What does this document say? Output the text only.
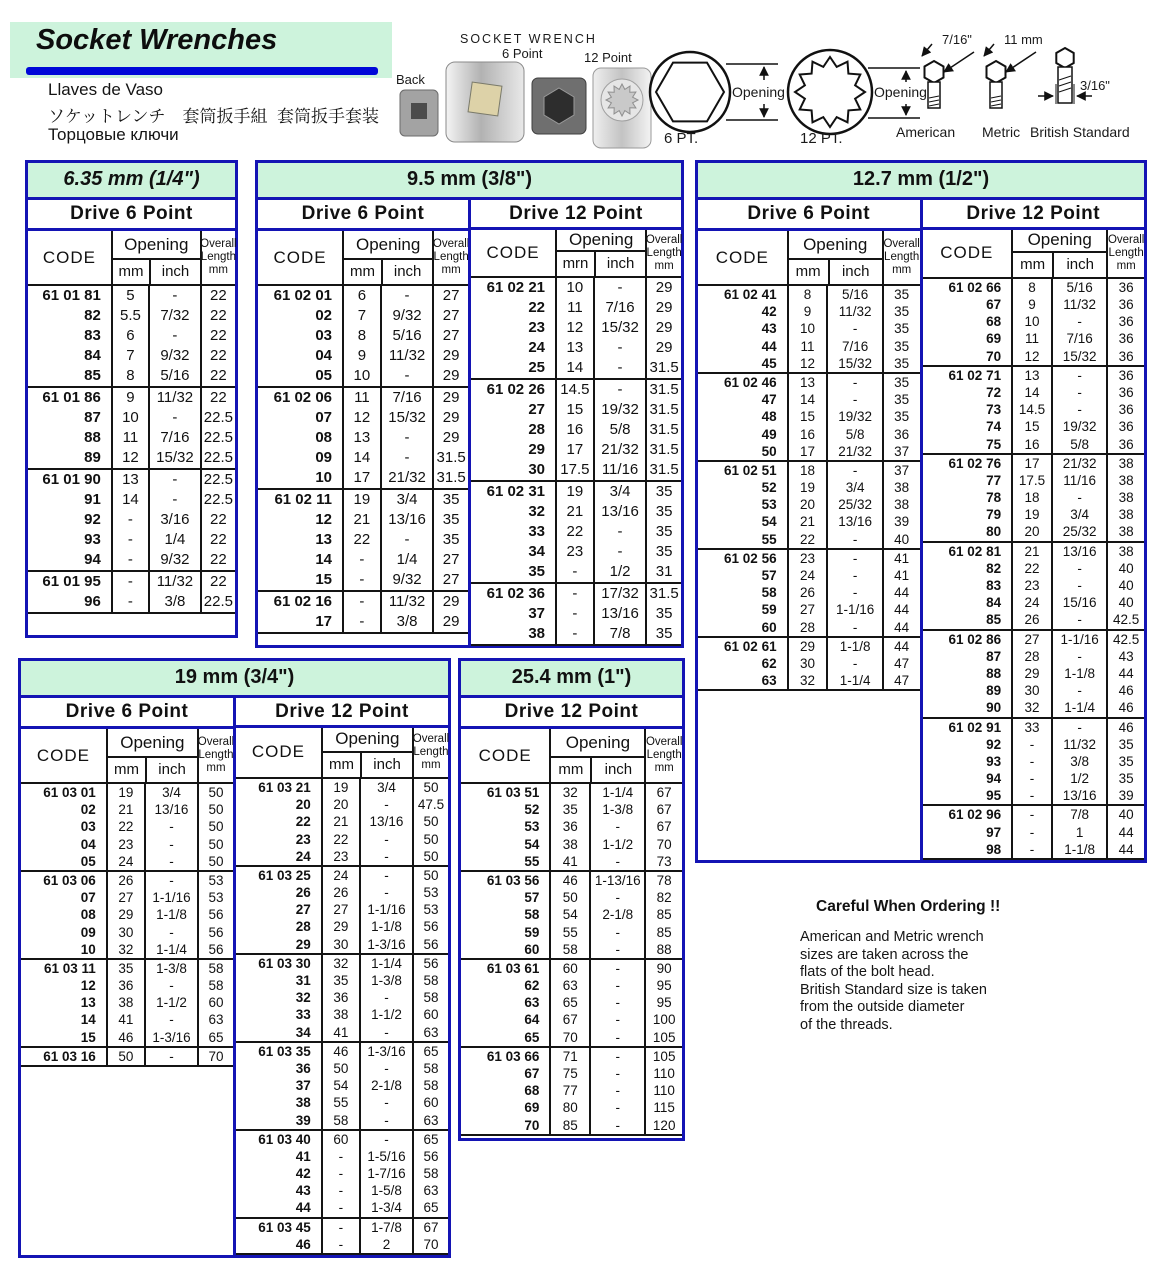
Socket Wrenches
Llaves de Vaso
ソケットレンチ　套筒扳手組  套筒扳手套装
Торцовые ключи
SOCKET WRENCH
Back
6 Point	12 Point
Opening	Opening
6 PT.	12 PT.
7/16" 11 mm
3/16"
American Metric British Standard
6.35 mm (1/4")
Drive 6 Point
CODE
Opening
mm	inch
Overall
Length
mm
61 01 81	5	-	22
82	5.5	7/32	22
83	6	-	22
84	7	9/32	22
85	8	5/16	22
61 01 86	9	11/32	22
87	10	-	22.5
88	11	7/16 22.5
89	12	15/32 22.5
61 01 90	13	-	22.5
91	14	-	22.5
92	-	3/16	22
93	-	1/4	22
94	-	9/32	22
61 01 95	-	11/32	22
96	-	3/8	22.5
9.5 mm (3/8")
Drive 6 Point
CODE
Opening
mm	inch
Overall
Length
mm
61 02 01	6	-	27
02	7	9/32	27
03	8	5/16	27
04	9	11/32	29
05	10	-	29
61 02 06	11	7/16	29
07	12	15/32	29
08	13	-	29
09	14	-	31.5
10	17	21/32 31.5
61 02 11	19	3/4	35
12	21	13/16	35
13	22	-	35
14	-	1/4	27
15	-	9/32	27
61 02 16	-	11/32	29
17	-	3/8	29
Drive 12 Point
CODE
Opening
mrn	inch
Overall
Length
mm
61 02 21	10	-	29
22	11	7/16	29
23	12	15/32	29
24	13	-	29
25	14	-	31.5
61 02 26	14.5	-	31.5
27	15	19/32 31.5
28	16	5/8	31.5
29	17	21/32 31.5
30	17.5 11/16 31.5
61 02 31	19	3/4	35
32	21	13/16	35
33	22	-	35
34	23	-	35
35	-	1/2	31
61 02 36	-	17/32 31.5
37	-	13/16	35
38	-	7/8	35
12.7 mm (1/2")
Drive 6 Point
CODE
Opening
mm	inch
Overall
Length
mm
61 02 41	8	5/16	35
42	9	11/32	35
43	10	-	35
44	11	7/16	35
45	12	15/32	35
61 02 46	13	-	35
47	14	-	35
48	15	19/32	35
49	16	5/8	36
50	17	21/32	37
61 02 51	18	-	37
52	19	3/4	38
53	20	25/32	38
54	21	13/16	39
55	22	-	40
61 02 56	23	-	41
57	24	-	41
58	26	-	44
59	27	1-1/16	44
60	28	-	44
61 02 61	29	1-1/8	44
62	30	-	47
63	32	1-1/4	47
Drive 12 Point
CODE
Opening
mm	inch
Overall
Length
mm
61 02 66	8	5/16	36
67	9	11/32	36
68	10	-	36
69	11	7/16	36
70	12	15/32	36
61 02 71	13	-	36
72	14	-	36
73	14.5	-	36
74	15	19/32	36
75	16	5/8	36
61 02 76	17	21/32	38
77	17.5	11/16	38
78	18	-	38
79	19	3/4	38
80	20	25/32	38
61 02 81	21	13/16	38
82	22	-	40
83	23	-	40
84	24	15/16	40
85	26	-	42.5
61 02 86	27	1-1/16	42.5
87	28	-	43
88	29	1-1/8	44
89	30	-	46
90	32	1-1/4	46
61 02 91	33	-	46
92	-	11/32	35
93	-	3/8	35
94	-	1/2	35
95	-	13/16	39
61 02 96	-	7/8	40
97	-	1	44
98	-	1-1/8	44
19 mm (3/4")
Drive 6 Point
CODE
Opening
mm	inch
Overall
Length
mm
61 03 01	19	3/4	50
02	21	13/16	50
03	22	-	50
04	23	-	50
05	24	-	50
61 03 06	26	-	53
07	27	1-1/16	53
08	29	1-1/8	56
09	30	-	56
10	32	1-1/4	56
61 03 11	35	1-3/8	58
12	36	-	58
13	38	1-1/2	60
14	41	-	63
15	46	1-3/16	65
61 03 16	50	-	70
Drive 12 Point
CODE
Opening
mm	inch
Overall
Length
mm
61 03 21	19	3/4	50
20	20	-	47.5
22	21	13/16	50
23	22	-	50
24	23	-	50
61 03 25	24	-	50
26	26	-	53
27	27	1-1/16	53
28	29	1-1/8	56
29	30	1-3/16	56
61 03 30	32	1-1/4	56
31	35	1-3/8	58
32	36	-	58
33	38	1-1/2	60
34	41	-	63
61 03 35	46	1-3/16	65
36	50	-	58
37	54	2-1/8	58
38	55	-	60
39	58	-	63
61 03 40	60	-	65
41	-	1-5/16	56
42	-	1-7/16	58
43	-	1-5/8	63
44	-	1-3/4	65
61 03 45	-	1-7/8	67
46	-	2	70
25.4 mm (1")
Drive 12 Point
CODE
Opening
mm	inch
Overall
Length
mm
61 03 51	32	1-1/4	67
52	35	1-3/8	67
53	36	-	67
54	38	1-1/2	70
55	41	-	73
61 03 56	46	1-13/16	78
57	50	-	82
58	54	2-1/8	85
59	55	-	85
60	58	-	88
61 03 61	60	-	90
62	63	-	95
63	65	-	95
64	67	-	100
65	70	-	105
61 03 66	71	-	105
67	75	-	110
68	77	-	110
69	80	-	115
70	85	-	120
Careful When Ordering !!
American and Metric wrench
sizes are taken across the
flats of the bolt head.
British Standard size is taken
from the outside diameter
of the threads.
